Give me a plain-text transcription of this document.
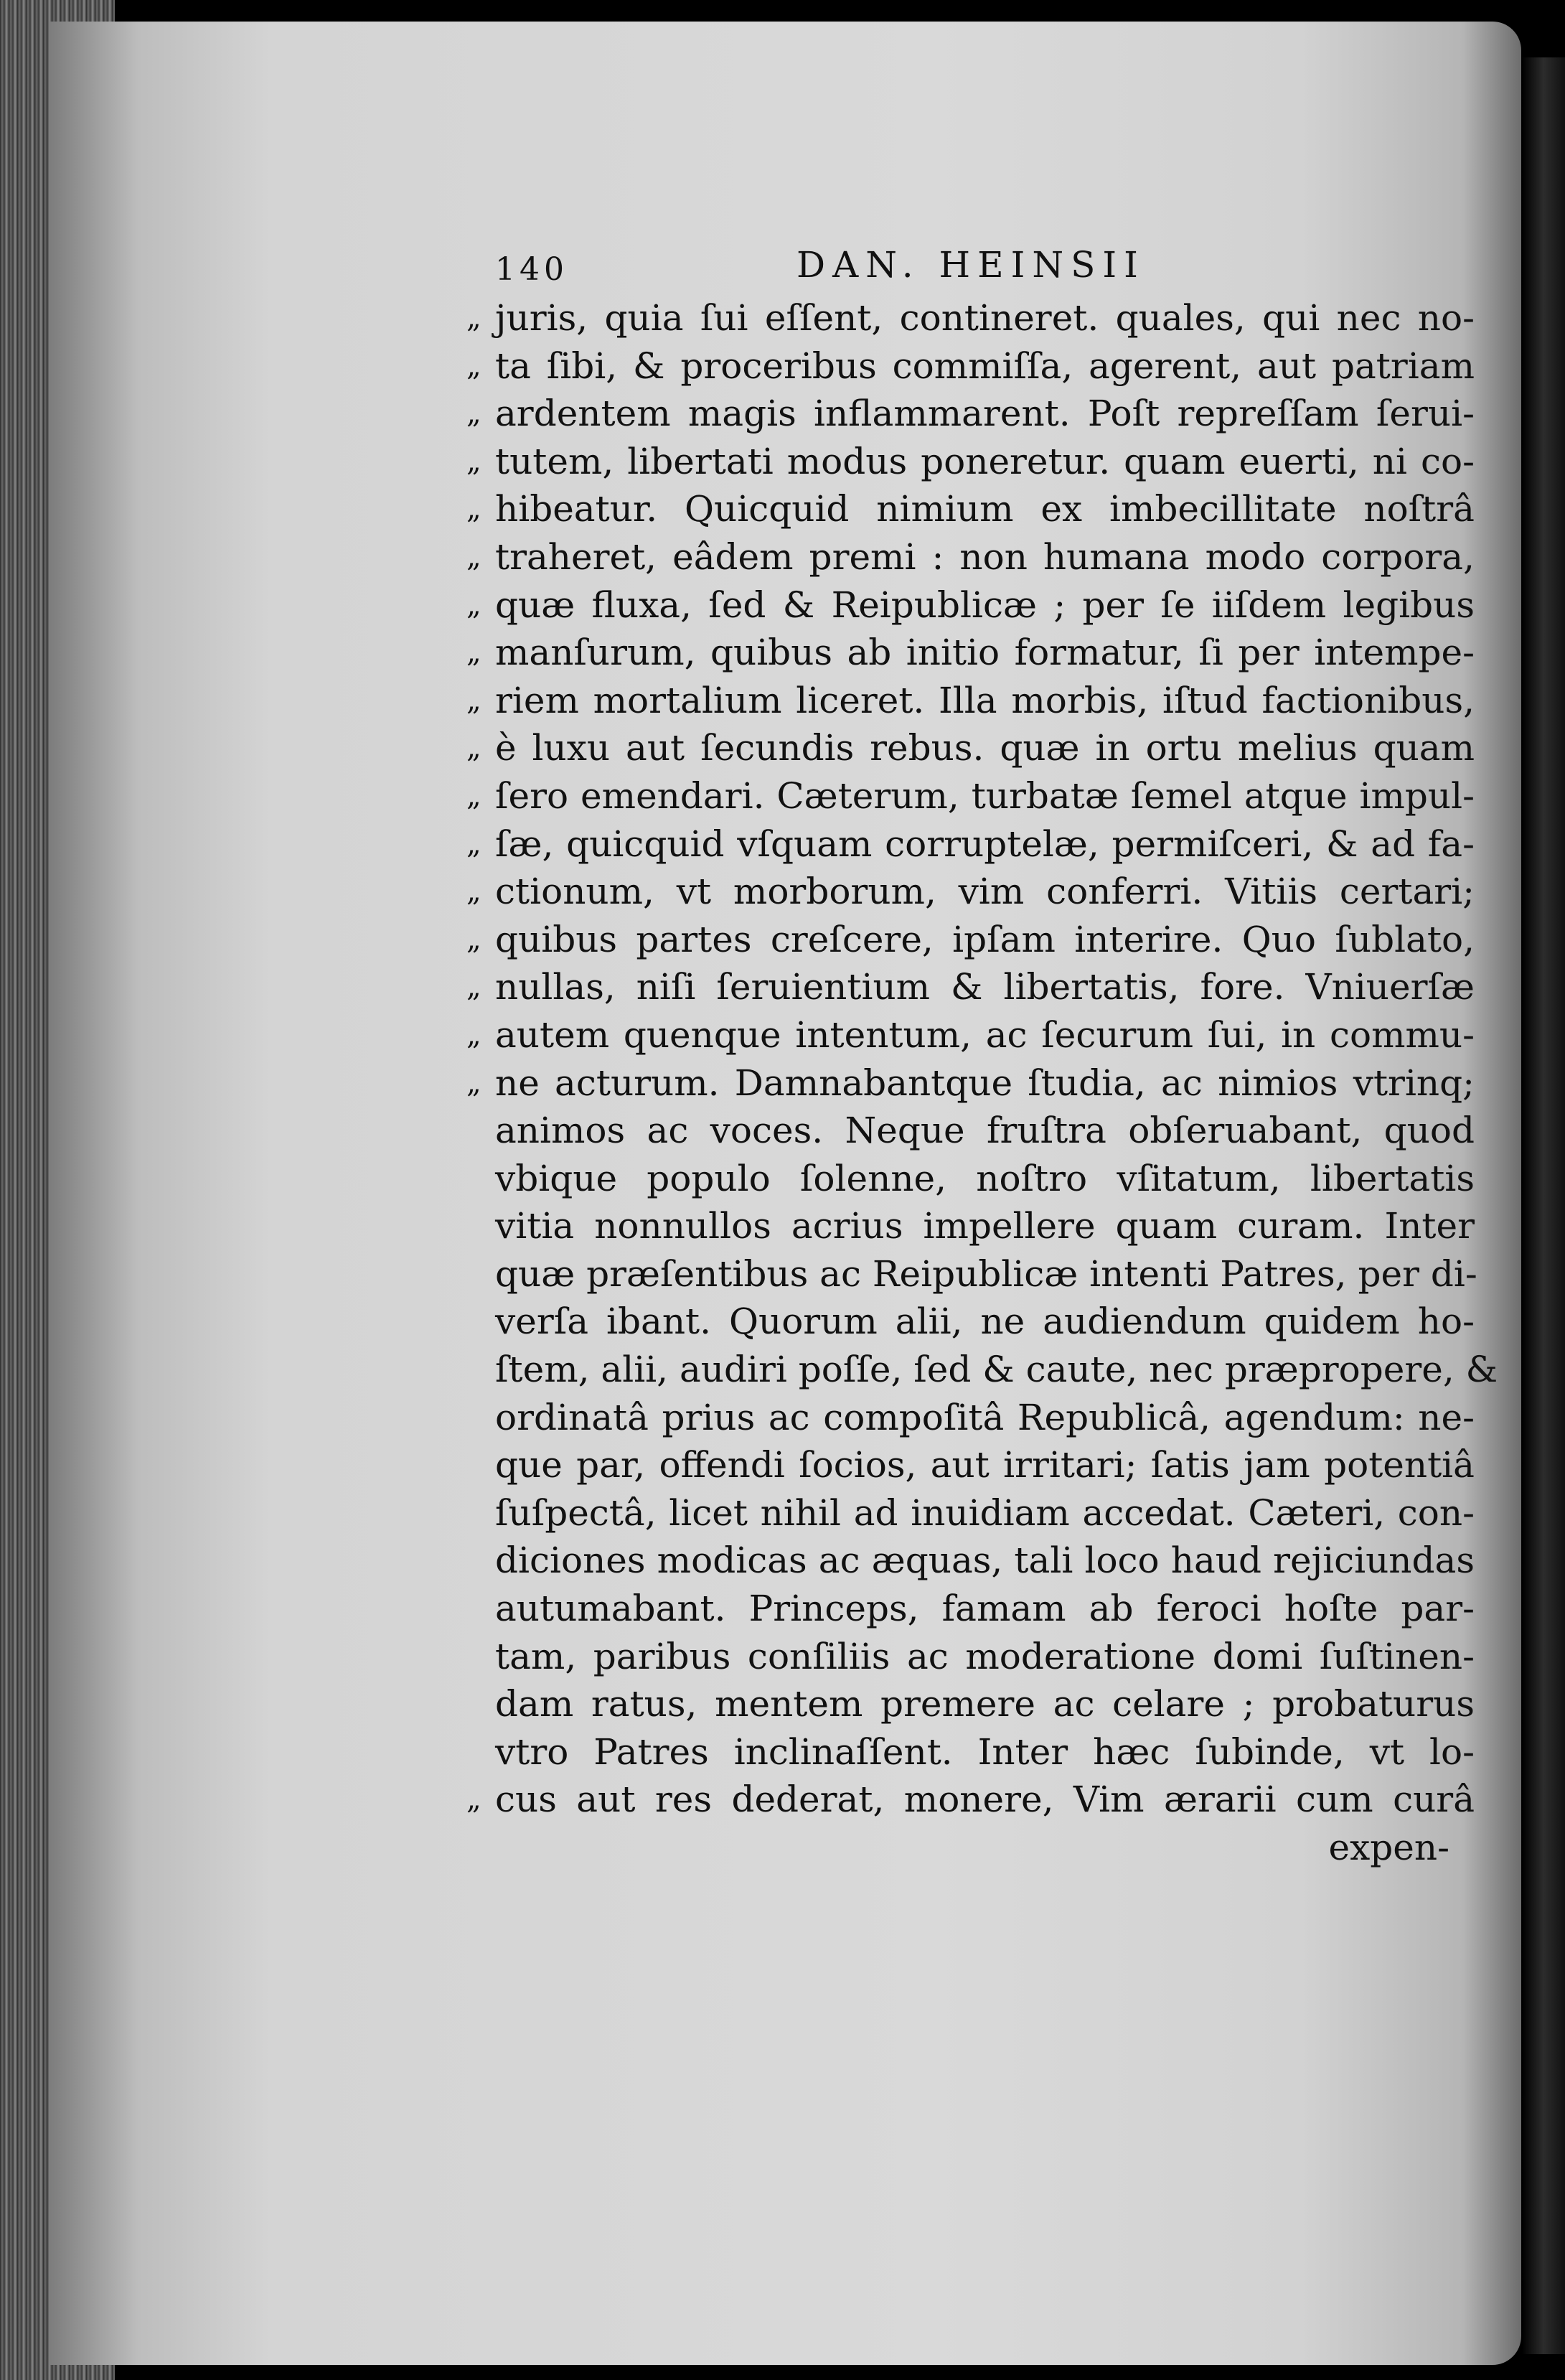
140	DAN. HEINSII
„ juris, quia ſui eſſent, contineret. quales, qui nec no-
„ ta ſibi, & proceribus commiſſa, agerent, aut patriam
„ ardentem magis inflammarent. Poſt repreſſam ſerui-
„ tutem, libertati modus poneretur. quam euerti, ni co-
„ hibeatur. Quicquid nimium ex imbecillitate noſtrâ
„ traheret, eâdem premi : non humana modo corpora,
„ quæ fluxa, ſed & Reipublicæ ; per ſe iiſdem legibus
„ manſurum, quibus ab initio formatur, ſi per intempe-
„ riem mortalium liceret. Illa morbis, iſtud factionibus,
„ è luxu aut ſecundis rebus. quæ in ortu melius quam
„ ſero emendari. Cæterum, turbatæ ſemel atque impul-
„ ſæ, quicquid vſquam corruptelæ, permiſceri, & ad fa-
„ ctionum, vt morborum, vim conferri. Vitiis certari;
„ quibus partes creſcere, ipſam interire. Quo ſublato,
„ nullas, niſi ſeruientium & libertatis, fore. Vniuerſæ
„ autem quenque intentum, ac ſecurum ſui, in commu-
„ ne acturum. Damnabantque ſtudia, ac nimios vtrinq;
animos ac voces. Neque fruſtra obſeruabant, quod
vbique populo ſolenne, noſtro vſitatum, libertatis
vitia nonnullos acrius impellere quam curam. Inter
quæ præſentibus ac Reipublicæ intenti Patres, per di-
verſa ibant. Quorum alii, ne audiendum quidem ho-
ſtem, alii, audiri poſſe, ſed & caute, nec præpropere, &
ordinatâ prius ac compoſitâ Republicâ, agendum: ne-
que par, offendi ſocios, aut irritari; ſatis jam potentiâ
ſuſpectâ, licet nihil ad inuidiam accedat. Cæteri, con-
diciones modicas ac æquas, tali loco haud rejiciundas
autumabant. Princeps, famam ab feroci hoſte par-
tam, paribus conſiliis ac moderatione domi ſuſtinen-
dam ratus, mentem premere ac celare ; probaturus
vtro Patres inclinaſſent. Inter hæc ſubinde, vt lo-
„ cus aut res dederat, monere, Vim ærarii cum curâ
expen-
